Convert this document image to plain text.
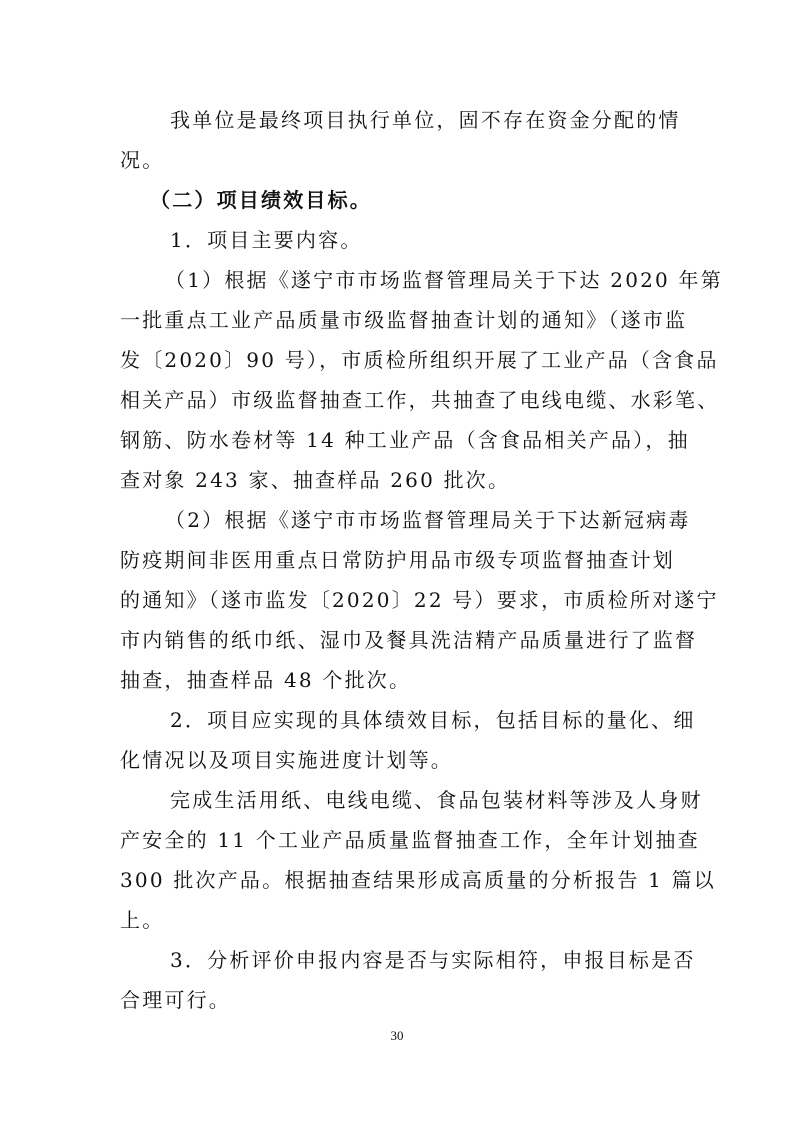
我单位是最终项目执行单位，固不存在资金分配的情
况。
（二）项目绩效目标。
1．项目主要内容。
（1）根据《遂宁市市场监督管理局关于下达 2020 年第
一批重点工业产品质量市级监督抽查计划的通知》（遂市监
发〔2020〕90 号），市质检所组织开展了工业产品（含食品
相关产品）市级监督抽查工作，共抽查了电线电缆、水彩笔、
钢筋、防水卷材等 14 种工业产品（含食品相关产品），抽
查对象 243 家、抽查样品 260 批次。
（2）根据《遂宁市市场监督管理局关于下达新冠病毒
防疫期间非医用重点日常防护用品市级专项监督抽查计划
的通知》（遂市监发〔2020〕22 号）要求，市质检所对遂宁
市内销售的纸巾纸、湿巾及餐具洗洁精产品质量进行了监督
抽查，抽查样品 48 个批次。
2．项目应实现的具体绩效目标，包括目标的量化、细
化情况以及项目实施进度计划等。
完成生活用纸、电线电缆、食品包装材料等涉及人身财
产安全的 11 个工业产品质量监督抽查工作，全年计划抽查
300 批次产品。根据抽查结果形成高质量的分析报告 1 篇以
上。
3．分析评价申报内容是否与实际相符，申报目标是否
合理可行。
30
